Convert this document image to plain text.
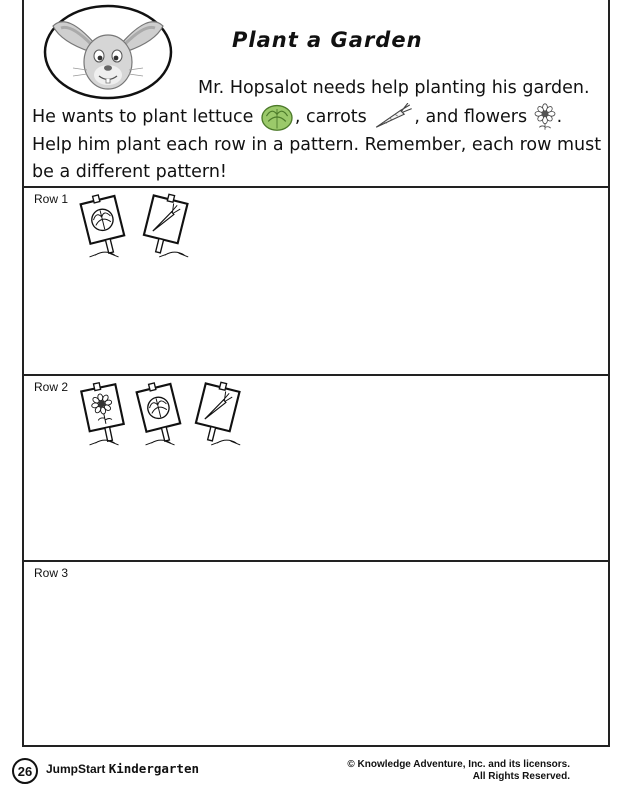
Plant a Garden
Mr. Hopsalot needs help planting his garden.
He wants to plant lettuce , carrots	, and flowers .
Help him plant each row in a pattern. Remember, each row must
be a different pattern!
Row 1
Row 2
Row 3
26	JumpStart Kindergarten	© Knowledge Adventure, Inc. and its licensors.
All Rights Reserved.
